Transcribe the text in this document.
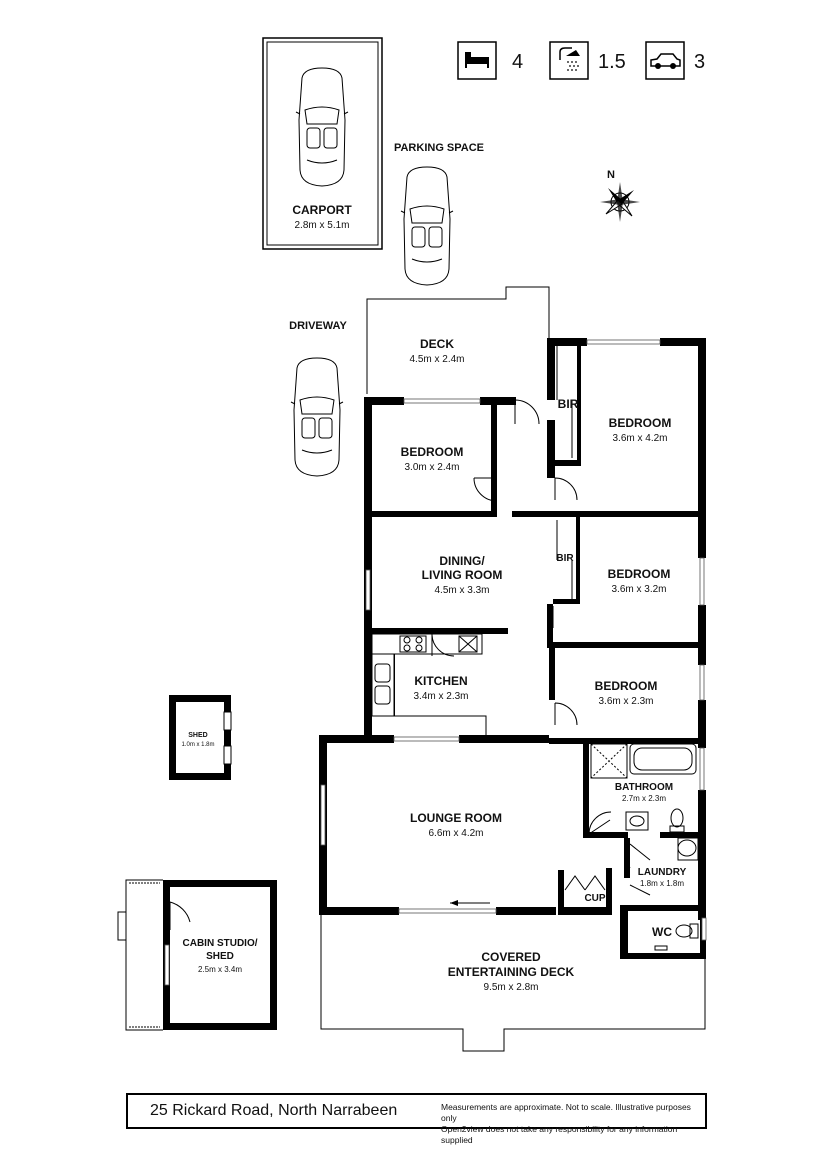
4	1.5	3
CARPORT
2.8m x 5.1m
PARKING SPACE
DRIVEWAY
N
DECK
4.5m x 2.4m
COVERED
ENTERTAINING DECK
9.5m x 2.8m
SHED
1.0m x 1.8m
CABIN STUDIO/
SHED
2.5m x 3.4m
BEDROOM
3.0m x 2.4m
BIR
BEDROOM
3.6m x 4.2m
DINING/
LIVING ROOM
4.5m x 3.3m
BIR
BEDROOM
3.6m x 3.2m
KITCHEN
3.4m x 2.3m
BEDROOM
3.6m x 2.3m
BATHROOM
2.7m x 2.3m
LOUNGE ROOM
6.6m x 4.2m
LAUNDRY
1.8m x 1.8m
CUP
WC
25 Rickard Road, North Narrabeen	Measurements are approximate. Not to scale. Illustrative purposes only
Open2view does not take any responsibility for any information supplied
